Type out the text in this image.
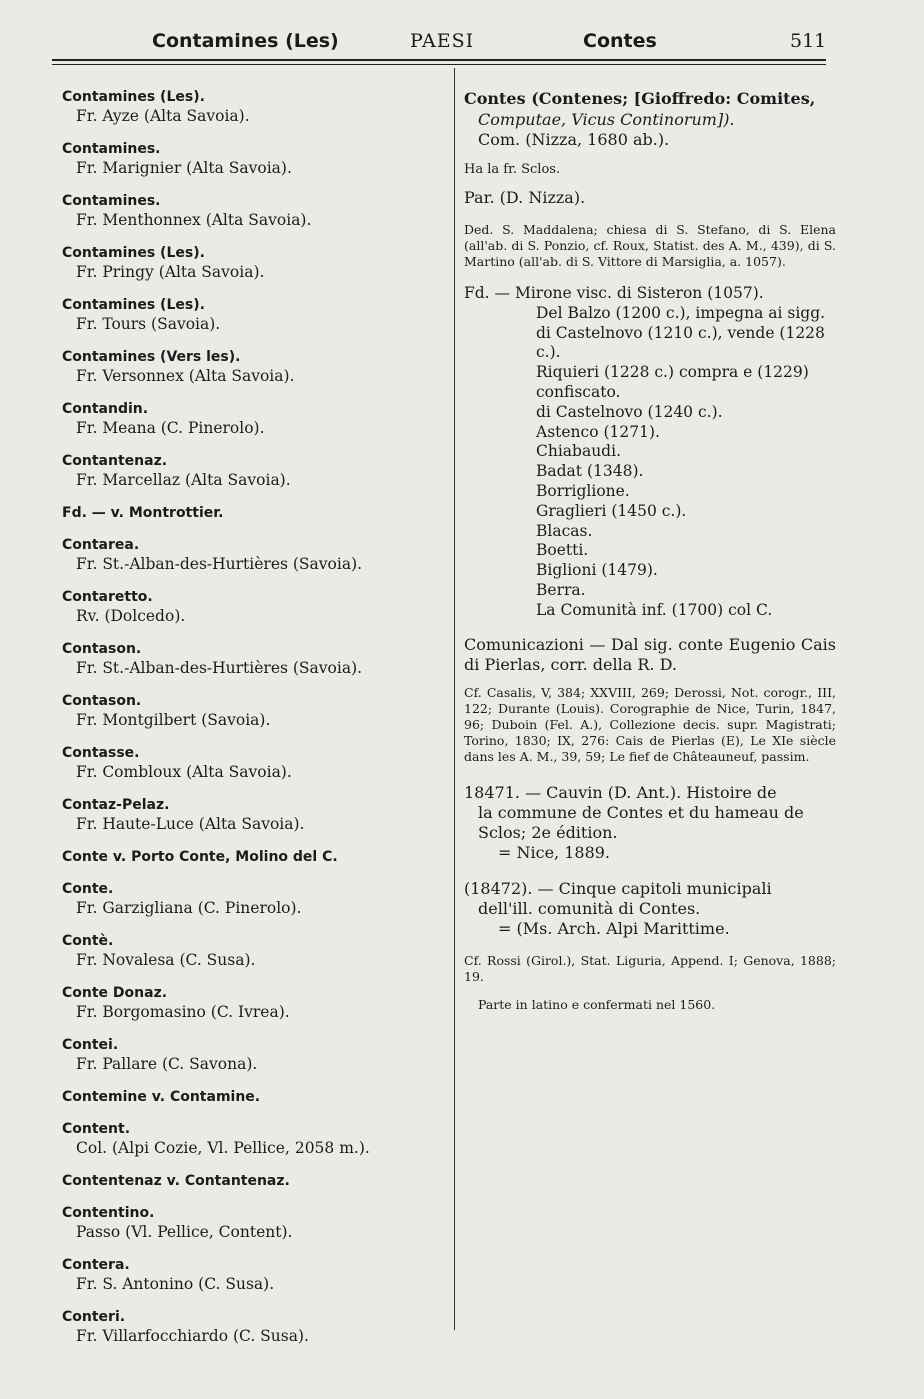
Contamines (Les)	PAESI	Contes	511
Contamines (Les).
Fr. Ayze (Alta Savoia).
Contamines.
Fr. Marignier (Alta Savoia).
Contamines.
Fr. Menthonnex (Alta Savoia).
Contamines (Les).
Fr. Pringy (Alta Savoia).
Contamines (Les).
Fr. Tours (Savoia).
Contamines (Vers les).
Fr. Versonnex (Alta Savoia).
Contandin.
Fr. Meana (C. Pinerolo).
Contantenaz.
Fr. Marcellaz (Alta Savoia).
Fd. — v. Montrottier.
Contarea.
Fr. St.-Alban-des-Hurtières (Savoia).
Contaretto.
Rv. (Dolcedo).
Contason.
Fr. St.-Alban-des-Hurtières (Savoia).
Contason.
Fr. Montgilbert (Savoia).
Contasse.
Fr. Combloux (Alta Savoia).
Contaz-Pelaz.
Fr. Haute-Luce (Alta Savoia).
Conte v. Porto Conte, Molino del C.
Conte.
Fr. Garzigliana (C. Pinerolo).
Contè.
Fr. Novalesa (C. Susa).
Conte Donaz.
Fr. Borgomasino (C. Ivrea).
Contei.
Fr. Pallare (C. Savona).
Contemine v. Contamine.
Content.
Col. (Alpi Cozie, Vl. Pellice, 2058 m.).
Contentenaz v. Contantenaz.
Contentino.
Passo (Vl. Pellice, Content).
Contera.
Fr. S. Antonino (C. Susa).
Conteri.
Fr. Villarfocchiardo (C. Susa).
Contes (Contenes; [Gioffredo: Comites,
Computae, Vicus Continorum]).
Com. (Nizza, 1680 ab.).
Ha la fr. Sclos.
Par. (D. Nizza).
Ded. S. Maddalena; chiesa di S. Stefano, di S. Elena (all'ab. di S. Ponzio, cf. Roux, Statist. des A. M., 439), di S. Martino (all'ab. di S. Vittore di Marsiglia, a. 1057).
Fd. — Mirone visc. di Sisteron (1057).
Del Balzo (1200 c.), impegna ai sigg. di Castelnovo (1210 c.), vende (1228 c.).
Riquieri (1228 c.) compra e (1229) confiscato.
di Castelnovo (1240 c.).
Astenco (1271).
Chiabaudi.
Badat (1348).
Borriglione.
Graglieri (1450 c.).
Blacas.
Boetti.
Biglioni (1479).
Berra.
La Comunità inf. (1700) col C.
Comunicazioni — Dal sig. conte Eugenio Cais di Pierlas, corr. della R. D.
Cf. Casalis, V, 384; XXVIII, 269; Derossi, Not. corogr., III, 122; Durante (Louis). Corographie de Nice, Turin, 1847, 96; Duboin (Fel. A.), Collezione decis. supr. Magistrati; Torino, 1830; IX, 276: Cais de Pierlas (E), Le XIe siècle dans les A. M., 39, 59; Le fief de Châteauneuf, passim.
18471. — Cauvin (D. Ant.). Histoire de
la commune de Contes et du hameau de
Sclos; 2e édition.
= Nice, 1889.
(18472). — Cinque capitoli municipali
dell'ill. comunità di Contes.
= (Ms. Arch. Alpi Marittime.
Cf. Rossi (Girol.), Stat. Liguria, Append. I; Genova, 1888; 19.
Parte in latino e confermati nel 1560.
